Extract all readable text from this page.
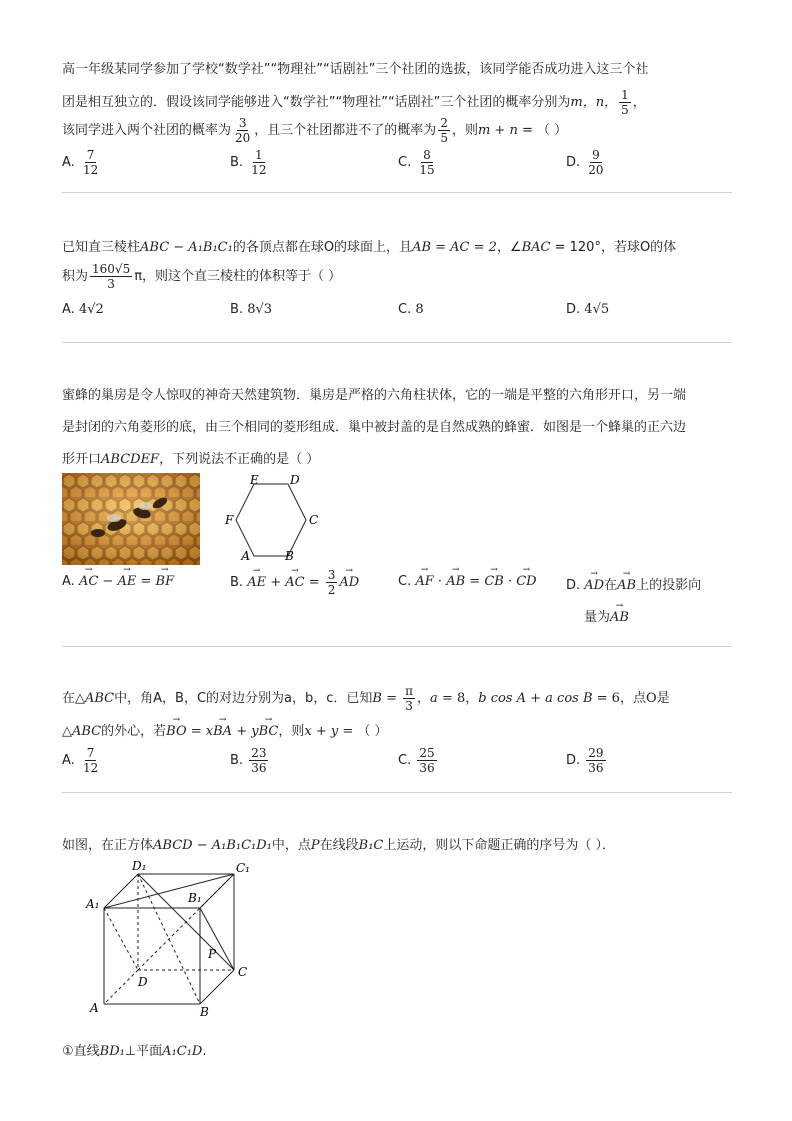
高一年级某同学参加了学校“数学社”“物理社”“话剧社”三个社团的选拔，该同学能否成功进入这三个社
团是相互独立的．假设该同学能够进入“数学社”“物理社”“话剧社”三个社团的概率分别为m，n， $\frac{1}{5}$ ，
该同学进入两个社团的概率为 $\frac{3}{20}$ ，且三个社团都进不了的概率为 $\frac{2}{5}$ ，则m + n = （ ）
A. $\frac{7}{12}$	B. $\frac{1}{12}$	C. $\frac{8}{15}$	D. $\frac{9}{20}$
已知直三棱柱ABC − A₁B₁C₁的各顶点都在球O的球面上，且AB = AC = 2，∠BAC = 120°，若球O的体
积为 $\frac{160√5}{3}$ π，则这个直三棱柱的体积等于（ ）
A. 4√2	B. 8√3	C. 8	D. 4√5
蜜蜂的巢房是令人惊叹的神奇天然建筑物．巢房是严格的六角柱状体，它的一端是平整的六角形开口，另一端
是封闭的六角菱形的底，由三个相同的菱形组成．巢中被封盖的是自然成熟的蜂蜜．如图是一个蜂巢的正六边
形开口ABCDEF，下列说法不正确的是（ ）
A	B
C
D
E
F
A. → AC − → AE = → BF	B. → AE + → AC = $\frac{3}{2}$ → AD	C. → AF · → AB = → CB · → CD D. → AD在→ AB上的投影向
量为→ AB
在△ABC中，角A，B，C的对边分别为a，b，c．已知$B = \frac{\pi}{3}$ ，a = 8，b cos A + a cos B = 6，点O是
△ABC的外心，若→ BO = x→ BA + y→ BC，则x + y = （ ）
A. $\frac{7}{12}$	B. $\frac{23}{36}$	C. $\frac{25}{36}$	D. $\frac{29}{36}$
如图，在正方体ABCD − A₁B₁C₁D₁中，点P在线段B₁C上运动，则以下命题正确的序号为（ ）．
D₁	C₁
A₁	B₁
P
D
C
A	B
①直线BD₁⊥平面A₁C₁D.
